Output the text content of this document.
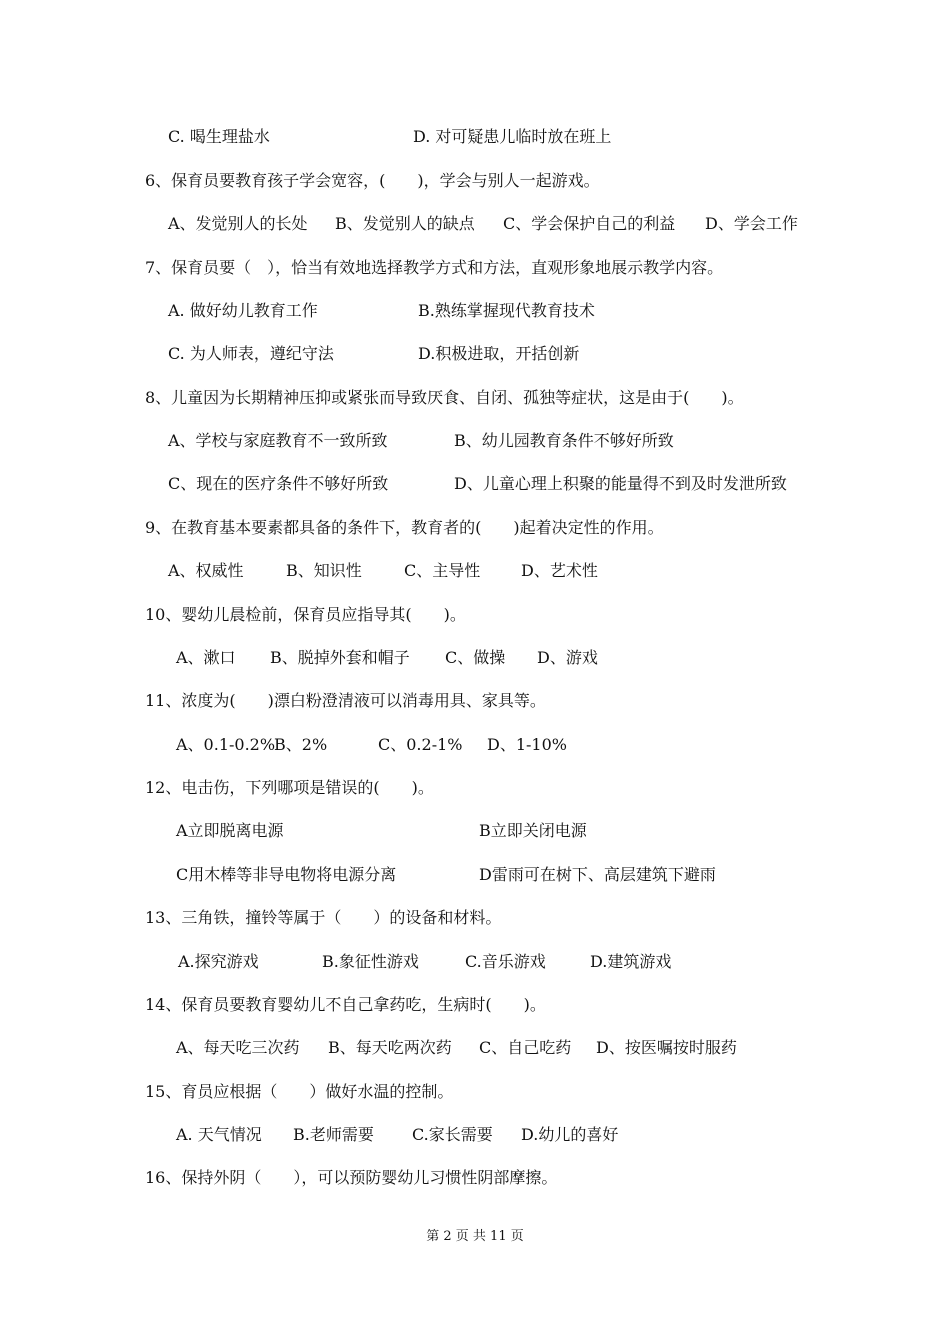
C. 喝生理盐水	D. 对可疑患儿临时放在班上
6、保育员要教育孩子学会宽容，(　　)，学会与别人一起游戏。
A、发觉别人的长处 B、发觉别人的缺点 C、学会保护自己的利益 D、学会工作
7、保育员要（　），恰当有效地选择教学方式和方法，直观形象地展示教学内容。
A. 做好幼儿教育工作	B.熟练掌握现代教育技术
C. 为人师表，遵纪守法	D.积极进取，开括创新
8、儿童因为长期精神压抑或紧张而导致厌食、自闭、孤独等症状，这是由于(　　)。
A、学校与家庭教育不一致所致	B、幼儿园教育条件不够好所致
C、现在的医疗条件不够好所致	D、儿童心理上积聚的能量得不到及时发泄所致
9、在教育基本要素都具备的条件下，教育者的(　　)起着决定性的作用。
A、权威性	B、知识性	C、主导性	D、艺术性
10、婴幼儿晨检前，保育员应指导其(　　)。
A、漱口 B、脱掉外套和帽子 C、做操 D、游戏
11、浓度为(　　)漂白粉澄清液可以消毒用具、家具等。
A、0.1-0.2%
B、2%	C、0.2-1% D、1-10%
12、电击伤，下列哪项是错误的(　　)。
A立即脱离电源	B立即关闭电源
C用木棒等非导电物将电源分离	D雷雨可在树下、高层建筑下避雨
13、三角铁，撞铃等属于（　　）的设备和材料。
A.探究游戏	B.象征性游戏	C.音乐游戏	D.建筑游戏
14、保育员要教育婴幼儿不自己拿药吃，生病时(　　)。
A、每天吃三次药 B、每天吃两次药 C、自己吃药 D、按医嘱按时服药
15、育员应根据（　　）做好水温的控制。
A. 天气情况 B.老师需要 C.家长需要 D.幼儿的喜好
16、保持外阴（　　），可以预防婴幼儿习惯性阴部摩擦。
第 2 页 共 11 页
